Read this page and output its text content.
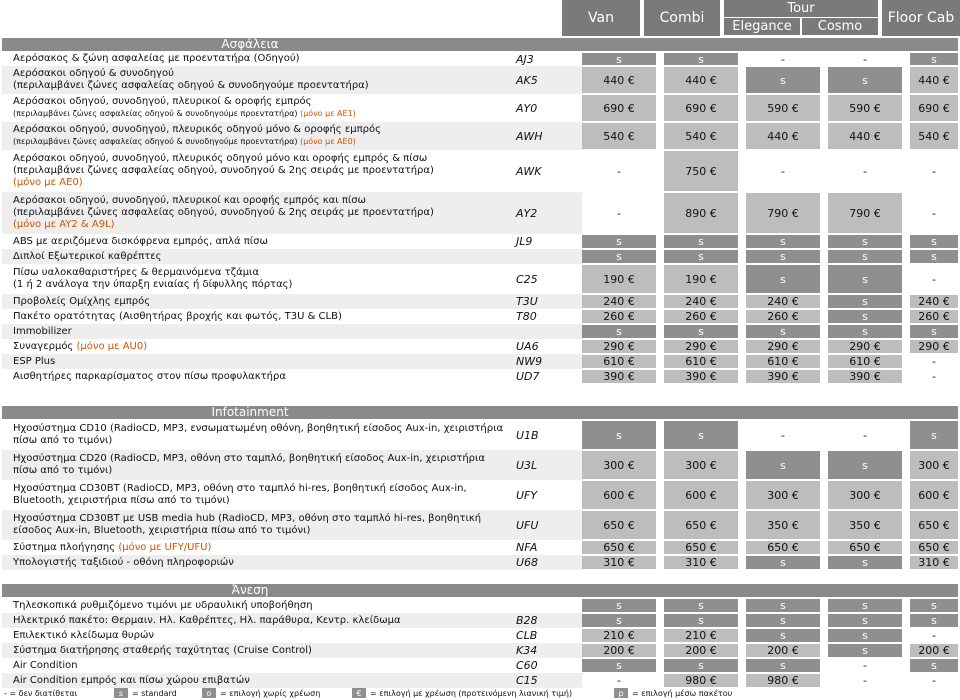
Van	Combi
Tour
Elegance	Cosmo
Floor Cab
Ασφάλεια
Αερόσακος & ζώνη ασφαλείας με προεντατήρα (Οδηγού)	AJ3	s	s	-	-	s
Αερόσακοι οδηγού & συνοδηγού
(περιλαμβάνει ζώνες ασφαλείας οδηγού & συνοδηγούμε προεντατήρα)	AK5	440 €	440 €	s	s	440 €
Αερόσακοι οδηγού, συνοδηγού, πλευρικοί & οροφής εμπρός
(περιλαμβάνει ζώνες ασφαλείας οδηγού & συνοδηγούμε προεντατήρα) (μόνο με AE1)	AY0	690 €	690 €	590 €	590 €	690 €
Αερόσακοι οδηγού, συνοδηγού, πλευρικός οδηγού μόνο & οροφής εμπρός
(περιλαμβάνει ζώνες ασφαλείας οδηγού & συνοδηγούμε προεντατήρα) (μόνο με AE0)	AWH	540 €	540 €	440 €	440 €	540 €
Αερόσακοι οδηγού, συνοδηγού, πλευρικός οδηγού μόνο και οροφής εμπρός & πίσω
(περιλαμβάνει ζώνες ασφαλείας οδηγού, συνοδηγού & 2ης σειράς με προεντατήρα)
(μόνο με AE0)
AWK	-	750 €	-	-	-
Αερόσακοι οδηγού, συνοδηγού, πλευρικοί και οροφής εμπρός και πίσω
(περιλαμβάνει ζώνες ασφαλείας οδηγού, συνοδηγού & 2ης σειράς με προεντατήρα)
(μόνο με AY2 & A9L)
AY2	-	890 €	790 €	790 €	-
ABS με αεριζόμενα δισκόφρενα εμπρός, απλά πίσω	JL9	s	s	s	s	s
Διπλοί Εξωτερικοί καθρέπτες	s	s	s	s	s
Πίσω υαλοκαθαριστήρες & θερμαινόμενα τζάμια
(1 ή 2 ανάλογα την ύπαρξη ενιαίας ή δίφυλλης πόρτας)	C25	190 €	190 €	s	s	-
Προβολείς Ομίχλης εμπρός	T3U	240 €	240 €	240 €	s	240 €
Πακέτο ορατότητας (Αισθητήρας βροχής και φωτός, T3U & CLB)	T80	260 €	260 €	260 €	s	260 €
Immobilizer	s	s	s	s	s
Συναγερμός (μόνο με AU0)	UA6	290 €	290 €	290 €	290 €	290 €
ESP Plus	NW9	610 €	610 €	610 €	610 €	-
Αισθητήρες παρκαρίσματος στον πίσω προφυλακτήρα	UD7	390 €	390 €	390 €	390 €	-
Infotainment
Ηχοσύστημα CD10 (RadioCD, MP3, ενσωματωμένη οθόνη, βοηθητική είσοδος Aux-in, χειριστήρια
πίσω από το τιμόνι)	U1B	s	s	-	-	s
Ηχοσύστημα CD20 (RadioCD, MP3, οθόνη στο ταμπλό, βοηθητική είσοδος Aux-in, χειριστήρια
πίσω από το τιμόνι)	U3L	300 €	300 €	s	s	300 €
Ηχοσύστημα CD30BT (RadioCD, MP3, οθόνη στο ταμπλό hi-res, βοηθητική είσοδος Aux-in,
Bluetooth, χειριστήρια πίσω από το τιμόνι)	UFY	600 €	600 €	300 €	300 €	600 €
Ηχοσύστημα CD30BT με USB media hub (RadioCD, MP3, οθόνη στο ταμπλό hi-res, βοηθητική
είσοδος Aux-in, Bluetooth, χειριστήρια πίσω από το τιμόνι)	UFU	650 €	650 €	350 €	350 €	650 €
Σύστημα πλοήγησης (μόνο με UFY/UFU)	NFA	650 €	650 €	650 €	650 €	650 €
Υπολογιστής ταξιδιού - οθόνη πληροφοριών	U68	310 €	310 €	s	s	310 €
Άνεση
Τηλεσκοπικά ρυθμιζόμενο τιμόνι με υδραυλική υποβοήθηση	s	s	s	s	s
Ηλεκτρικό πακέτο: Θερμαιν. Ηλ. Καθρέπτες, Ηλ. παράθυρα, Κεντρ. κλείδωμα	B28	s	s	s	s	s
Επιλεκτικό κλείδωμα θυρών	CLB	210 €	210 €	s	s	-
Σύστημα διατήρησης σταθερής ταχύτητας (Cruise Control)	K34	200 €	200 €	200 €	s	200 €
Air Condition	C60	s	s	s	-	s
Air Condition εμπρός και πίσω χώρου επιβατών	C15	-	980 €	980 €	-	-
- = δεν διατίθεται	s	= standard	o	= επιλογή χωρίς χρέωση	€	= επιλογή με χρέωση (προτεινόμενη λιανική τιμή)	p	= επιλογή μέσω πακέτου
